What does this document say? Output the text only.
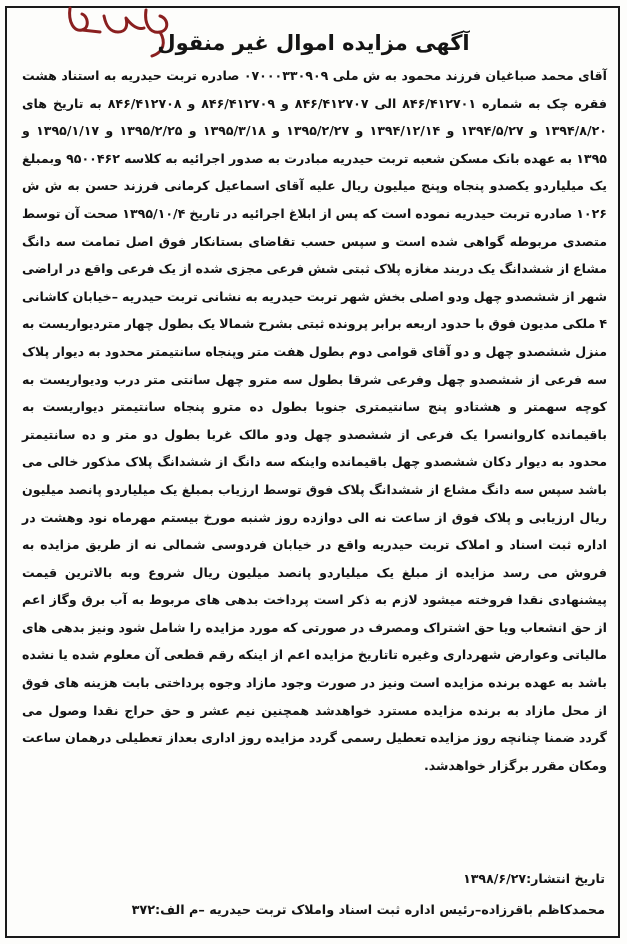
آگهی مزایده اموال غیر منقول

آقای محمد صباغیان فرزند محمود به ش ملی ۰۷۰۰۰۳۳۰۹۰۹ صادره تربت حیدریه به استناد هشت فقره چک به شماره ۸۴۶/۴۱۲۷۰۱ الی ۸۴۶/۴۱۲۷۰۷ و ۸۴۶/۴۱۲۷۰۹ و ۸۴۶/۴۱۲۷۰۸ به تاریخ های ۱۳۹۴/۸/۲۰ و ۱۳۹۴/۵/۲۷ و ۱۳۹۴/۱۲/۱۴ و ۱۳۹۵/۲/۲۷ و ۱۳۹۵/۳/۱۸ و ۱۳۹۵/۲/۲۵ و ۱۳۹۵/۱/۱۷ و ۱۳۹۵ به عهده بانک مسکن شعبه تربت حیدریه مبادرت به صدور اجرائیه به کلاسه ۹۵۰۰۴۶۲ وبمبلغ یک میلیاردو یکصدو پنجاه وپنج میلیون ریال علیه آقای اسماعیل کرمانی فرزند حسن به ش ش ۱۰۲۶ صادره تربت حیدریه نموده است که پس از ابلاغ اجرائیه در تاریخ ۱۳۹۵/۱۰/۴ صحت آن توسط متصدی مربوطه گواهی شده است و سپس حسب تقاضای بستانکار فوق اصل تمامت سه دانگ مشاع از ششدانگ یک دربند مغازه پلاک ثبتی شش فرعی مجزی شده از یک فرعی واقع در اراضی شهر از ششصدو چهل ودو اصلی بخش شهر تربت حیدریه به نشانی تربت حیدریه –خیابان کاشانی ۴ ملکی مدیون فوق با حدود اربعه برابر پرونده ثبتی بشرح شمالا یک بطول چهار متردیواریست به منزل ششصدو چهل و دو آقای قوامی دوم بطول هفت متر وپنجاه سانتیمتر محدود به دیوار پلاک سه فرعی از ششصدو چهل وفرعی شرقا بطول سه مترو چهل سانتی متر درب ودیواریست به کوچه سهمتر و هشتادو پنج سانتیمتری جنوبا بطول ده مترو پنجاه سانتیمتر دیواریست به باقیمانده کاروانسرا یک فرعی از ششصدو چهل ودو مالک غربا بطول دو متر و ده سانتیمتر محدود به دیوار دکان ششصدو چهل باقیمانده واینکه سه دانگ از ششدانگ پلاک مذکور خالی می باشد سپس سه دانگ مشاع از ششدانگ پلاک فوق توسط ارزیاب بمبلغ یک میلیاردو پانصد میلیون ریال ارزیابی و پلاک فوق از ساعت نه الی دوازده روز شنبه مورخ بیستم مهرماه نود وهشت در اداره ثبت اسناد و املاک تربت حیدریه واقع در خیابان فردوسی شمالی نه از طریق مزایده به فروش می رسد مزایده از مبلغ یک میلیاردو پانصد میلیون ریال شروع وبه بالاترین قیمت پیشنهادی نقدا فروخته میشود لازم به ذکر است پرداخت بدهی های مربوط به آب برق وگاز اعم از حق انشعاب ویا حق اشتراک ومصرف در صورتی که مورد مزایده را شامل شود ونیز بدهی های مالیاتی وعوارض شهرداری وغیره تاتاریخ مزایده اعم از اینکه رقم قطعی آن معلوم شده یا نشده باشد به عهده برنده مزایده است ونیز در صورت وجود مازاد وجوه پرداختی بابت هزینه های فوق از محل مازاد به برنده مزایده مسترد خواهدشد همچنین نیم عشر و حق حراج نقدا وصول می گردد ضمنا چنانچه روز مزایده تعطیل رسمی گردد مزایده روز اداری بعداز تعطیلی درهمان ساعت ومکان مقرر برگزار خواهدشد.

تاریخ انتشار:۱۳۹۸/۶/۲۷

محمدکاظم باقرزاده–رئیس اداره ثبت اسناد واملاک تربت حیدریه –م الف:۳۷۲
